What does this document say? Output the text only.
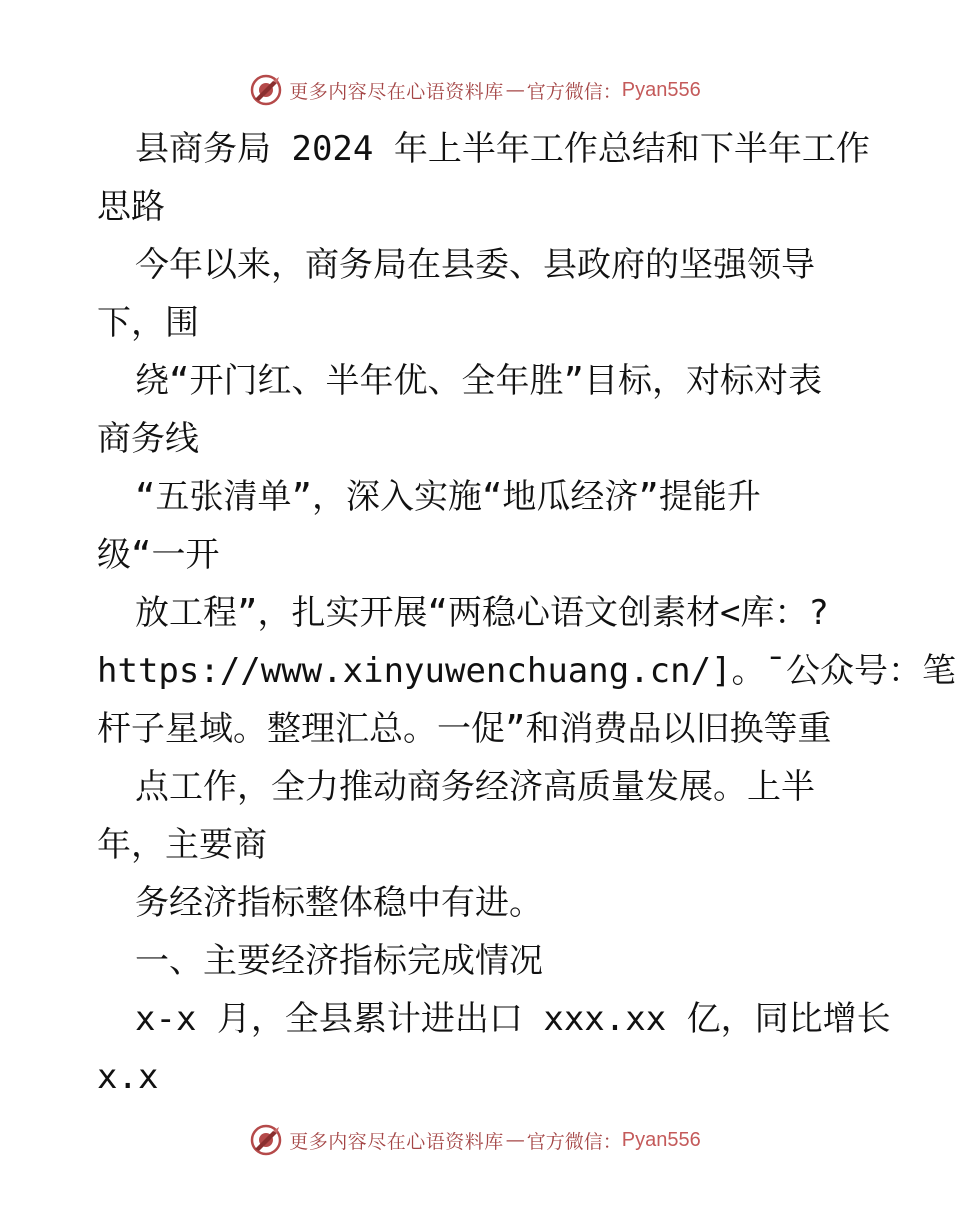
更多内容尽在心语资料库 — 官方微信： Pyan556
县商务局 2024 年上半年工作总结和下半年工作
思路
今年以来，商务局在县委、县政府的坚强领导
下，围
绕“开门红、半年优、全年胜”目标，对标对表
商务线
“五张清单”，深入实施“地瓜经济”提能升
级“一开
放工程”，扎实开展“两稳心语文创素材<库：?
https://www.xinyuwenchuang.cn/]。¯公众号：笔
杆子星域。整理汇总。一促”和消费品以旧换等重
点工作，全力推动商务经济高质量发展。上半
年，主要商
务经济指标整体稳中有进。
一、主要经济指标完成情况
x-x 月，全县累计进出口 xxx.xx 亿，同比增长
x.x
更多内容尽在心语资料库 — 官方微信： Pyan556
